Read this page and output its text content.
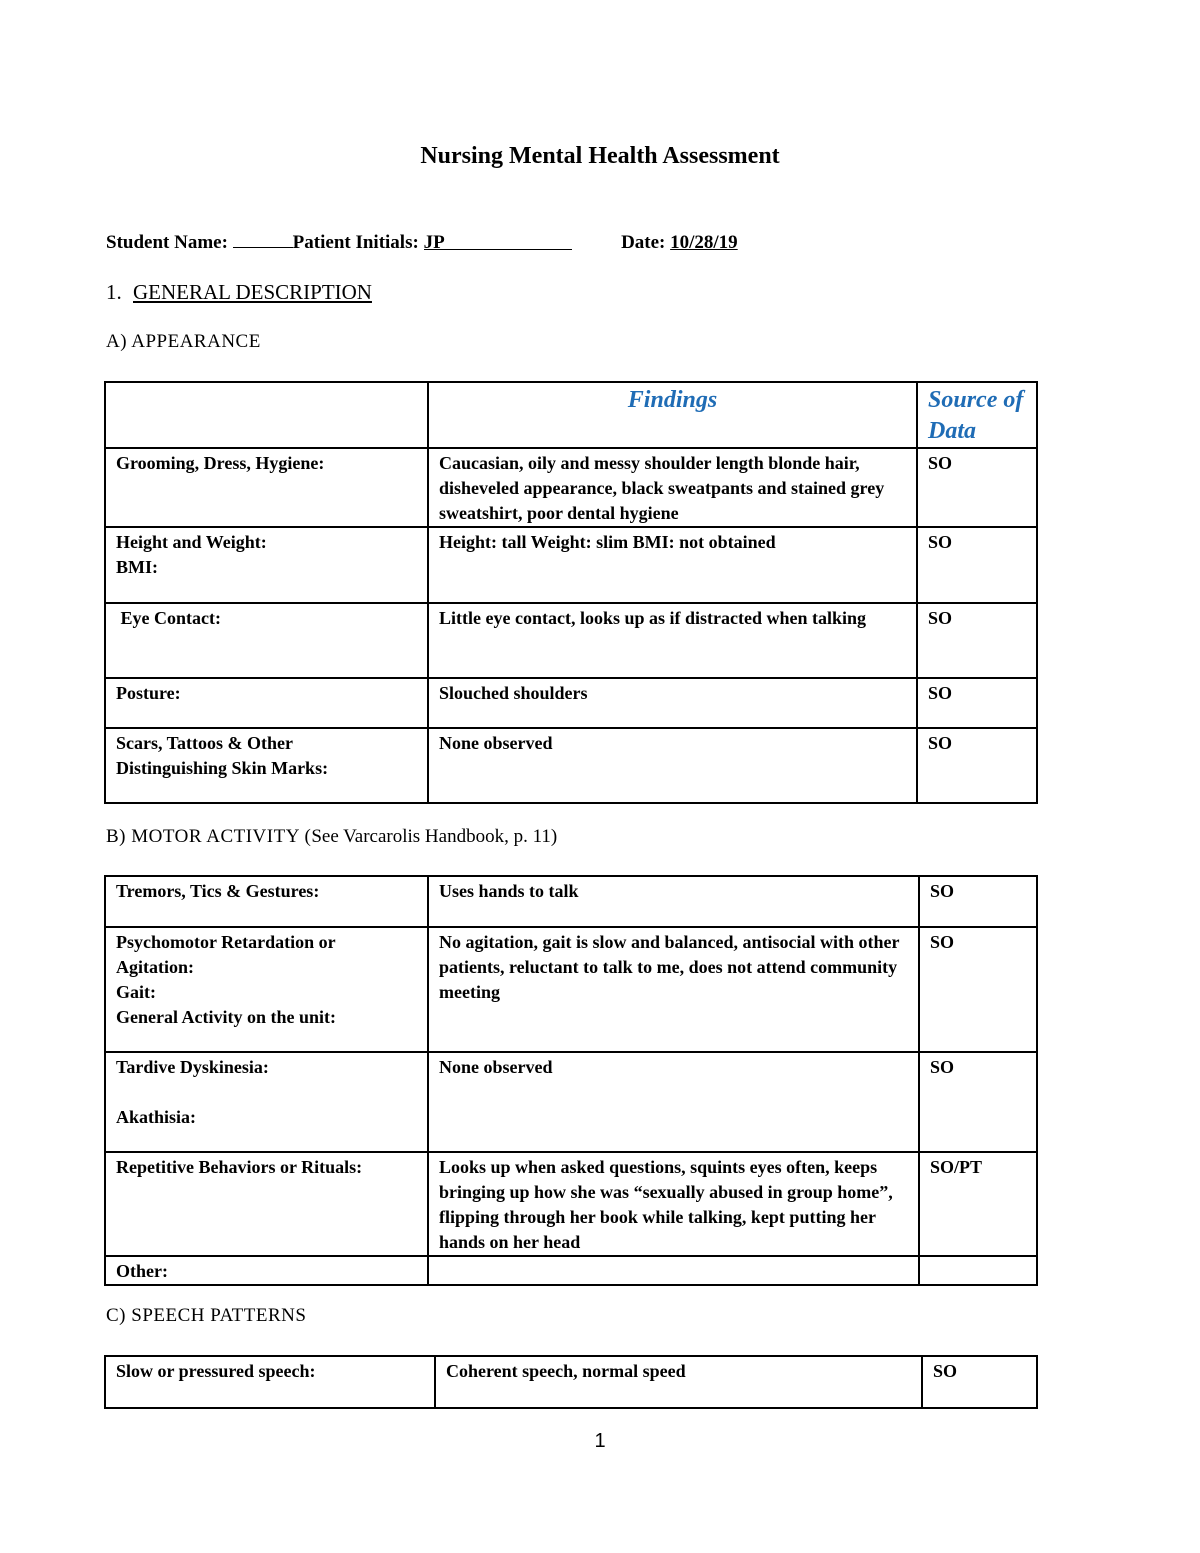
Nursing Mental Health Assessment
Student Name:	Patient Initials: JP	Date: 10/28/19
1. GENERAL DESCRIPTION
A) APPEARANCE
	Findings	Source of Data

Grooming, Dress, Hygiene:	Caucasian, oily and messy shoulder length blonde hair, disheveled appearance, black sweatpants and stained grey sweatshirt, poor dental hygiene	SO

Height and Weight:
BMI:	Height: tall Weight: slim BMI: not obtained	SO

Eye Contact:	Little eye contact, looks up as if distracted when talking	SO

Posture:	Slouched shoulders	SO

Scars, Tattoos & Other
Distinguishing Skin Marks:	None observed	SO
B) MOTOR ACTIVITY (See Varcarolis Handbook, p. 11)
Tremors, Tics & Gestures:	Uses hands to talk	SO

Psychomotor Retardation or
Agitation:
Gait:
General Activity on the unit:	No agitation, gait is slow and balanced, antisocial with other patients, reluctant to talk to me, does not attend community meeting	SO

Tardive Dyskinesia:
Akathisia:	None observed	SO

Repetitive Behaviors or Rituals:	Looks up when asked questions, squints eyes often, keeps bringing up how she was “sexually abused in group home”, flipping through her book while talking, kept putting her hands on her head	SO/PT

Other:		

C) SPEECH PATTERNS
Slow or pressured speech:	Coherent speech, normal speed	SO
1
